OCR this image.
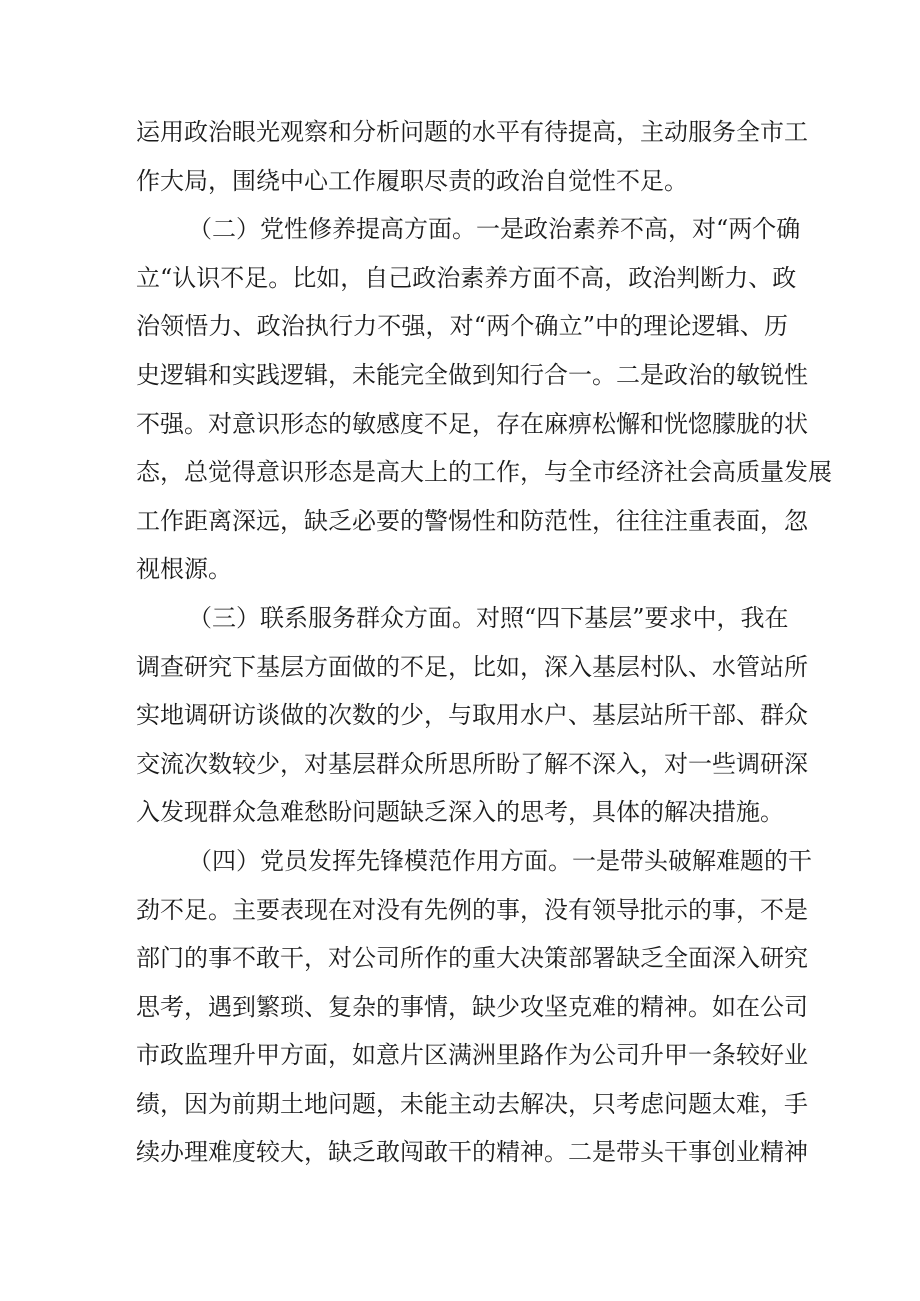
运用政治眼光观察和分析问题的水平有待提高，主动服务全市工
作大局，围绕中心工作履职尽责的政治自觉性不足。
（二）党性修养提高方面。一是政治素养不高，对“两个确
立“认识不足。比如，自己政治素养方面不高，政治判断力、政
治领悟力、政治执行力不强，对“两个确立”中的理论逻辑、历
史逻辑和实践逻辑，未能完全做到知行合一。二是政治的敏锐性
不强。对意识形态的敏感度不足，存在麻痹松懈和恍惚朦胧的状
态，总觉得意识形态是高大上的工作，与全市经济社会高质量发展
工作距离深远，缺乏必要的警惕性和防范性，往往注重表面，忽
视根源。
（三）联系服务群众方面。对照“四下基层”要求中，我在
调查研究下基层方面做的不足，比如，深入基层村队、水管站所
实地调研访谈做的次数的少，与取用水户、基层站所干部、群众
交流次数较少，对基层群众所思所盼了解不深入，对一些调研深
入发现群众急难愁盼问题缺乏深入的思考，具体的解决措施。
（四）党员发挥先锋模范作用方面。一是带头破解难题的干
劲不足。主要表现在对没有先例的事，没有领导批示的事，不是
部门的事不敢干，对公司所作的重大决策部署缺乏全面深入研究
思考，遇到繁琐、复杂的事情，缺少攻坚克难的精神。如在公司
市政监理升甲方面，如意片区满洲里路作为公司升甲一条较好业
绩，因为前期土地问题，未能主动去解决，只考虑问题太难，手
续办理难度较大，缺乏敢闯敢干的精神。二是带头干事创业精神
